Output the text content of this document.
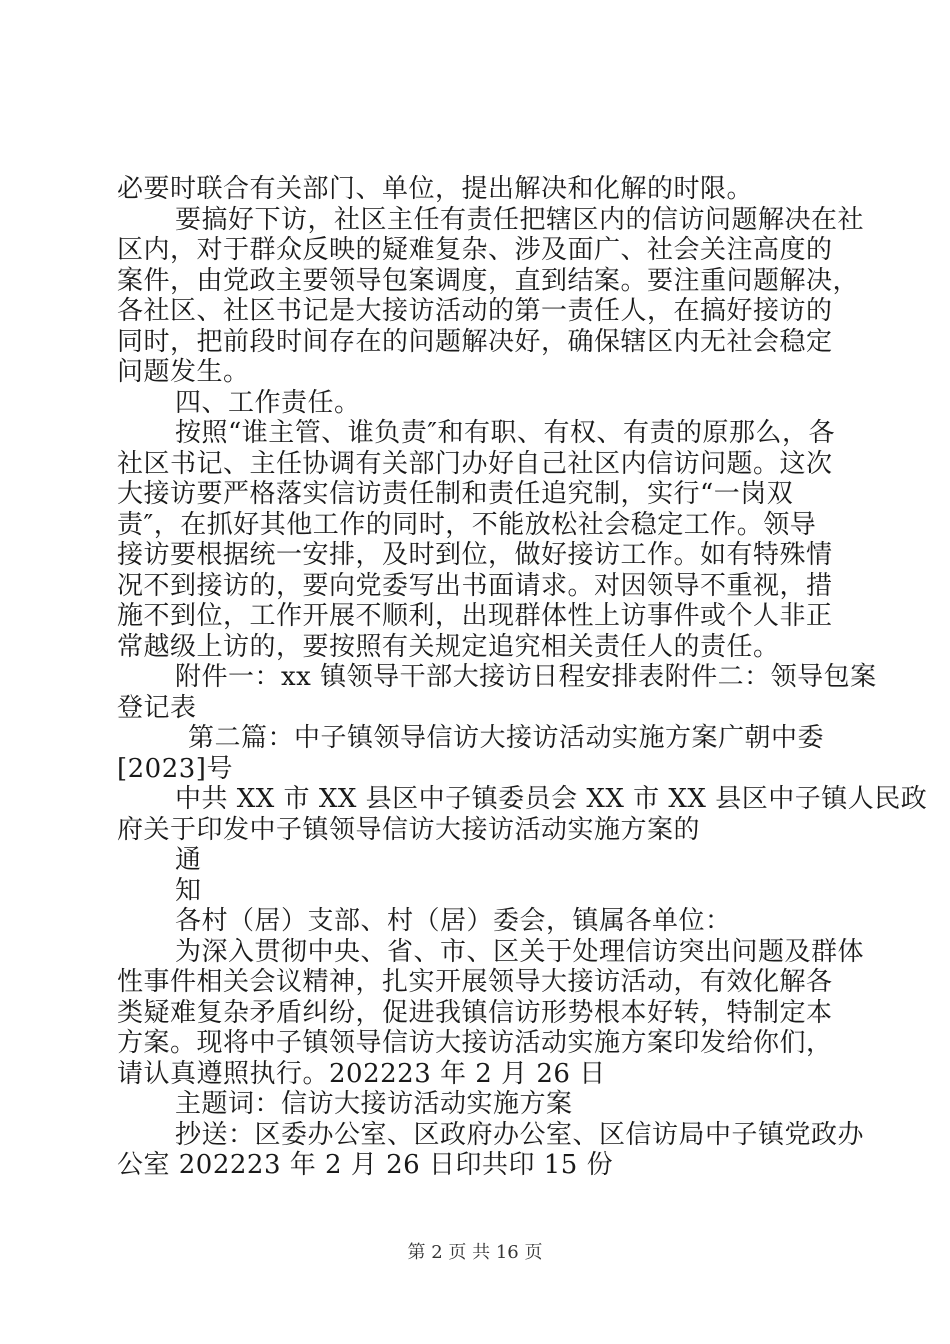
必要时联合有关部门、单位，提出解决和化解的时限。
要搞好下访，社区主任有责任把辖区内的信访问题解决在社
区内，对于群众反映的疑难复杂、涉及面广、社会关注高度的
案件，由党政主要领导包案调度，直到结案。要注重问题解决，
各社区、社区书记是大接访活动的第一责任人，在搞好接访的
同时，把前段时间存在的问题解决好，确保辖区内无社会稳定
问题发生。
四、工作责任。
按照“谁主管、谁负责″和有职、有权、有责的原那么，各
社区书记、主任协调有关部门办好自己社区内信访问题。这次
大接访要严格落实信访责任制和责任追究制，实行“一岗双
责″，在抓好其他工作的同时，不能放松社会稳定工作。领导
接访要根据统一安排，及时到位，做好接访工作。如有特殊情
况不到接访的，要向党委写出书面请求。对因领导不重视，措
施不到位，工作开展不顺利，出现群体性上访事件或个人非正
常越级上访的，要按照有关规定追究相关责任人的责任。
附件一：xx 镇领导干部大接访日程安排表附件二：领导包案
登记表
第二篇：中子镇领导信访大接访活动实施方案广朝中委
[2023]号
中共 XX 市 XX 县区中子镇委员会 XX 市 XX 县区中子镇人民政
府关于印发中子镇领导信访大接访活动实施方案的
通
知
各村（居）支部、村（居）委会，镇属各单位：
为深入贯彻中央、省、市、区关于处理信访突出问题及群体
性事件相关会议精神，扎实开展领导大接访活动，有效化解各
类疑难复杂矛盾纠纷，促进我镇信访形势根本好转，特制定本
方案。现将中子镇领导信访大接访活动实施方案印发给你们，
请认真遵照执行。202223 年 2 月 26 日
主题词：信访大接访活动实施方案
抄送：区委办公室、区政府办公室、区信访局中子镇党政办
公室 202223 年 2 月 26 日印共印 15 份
第 2 页 共 16 页
